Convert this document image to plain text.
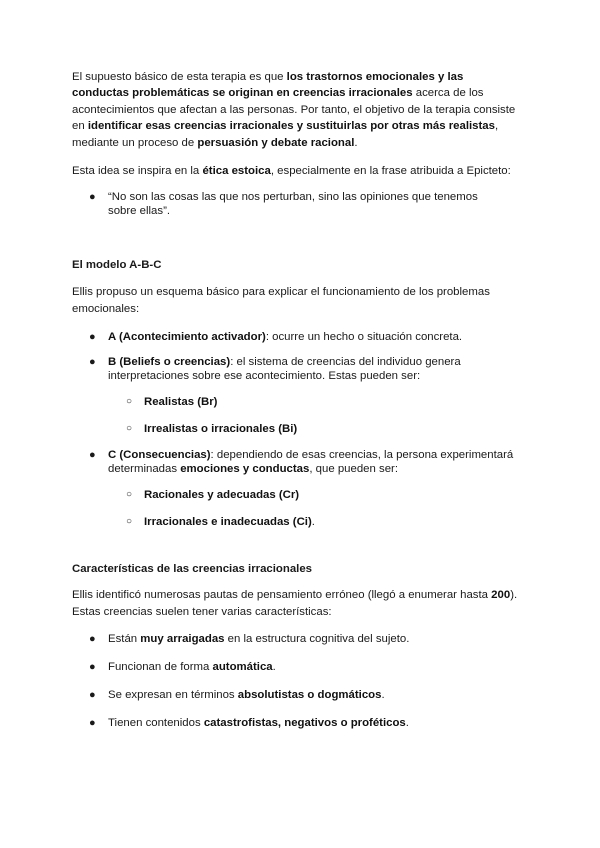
El supuesto básico de esta terapia es que los trastornos emocionales y las conductas problemáticas se originan en creencias irracionales acerca de los acontecimientos que afectan a las personas. Por tanto, el objetivo de la terapia consiste en identificar esas creencias irracionales y sustituirlas por otras más realistas, mediante un proceso de persuasión y debate racional.

Esta idea se inspira en la ética estoica, especialmente en la frase atribuida a Epicteto:

● “No son las cosas las que nos perturban, sino las opiniones que tenemos
sobre ellas”.
El modelo A-B-C

Ellis propuso un esquema básico para explicar el funcionamiento de los problemas
emocionales:

● A (Acontecimiento activador): ocurre un hecho o situación concreta.
● B (Beliefs o creencias): el sistema de creencias del individuo genera
interpretaciones sobre ese acontecimiento. Estas pueden ser:
○ Realistas (Br)
○ Irrealistas o irracionales (Bi)
● C (Consecuencias): dependiendo de esas creencias, la persona experimentará
determinadas emociones y conductas, que pueden ser:
○ Racionales y adecuadas (Cr)
○ Irracionales e inadecuadas (Ci).
Características de las creencias irracionales

Ellis identificó numerosas pautas de pensamiento erróneo (llegó a enumerar hasta 200).
Estas creencias suelen tener varias características:

● Están muy arraigadas en la estructura cognitiva del sujeto.
● Funcionan de forma automática.
● Se expresan en términos absolutistas o dogmáticos.
● Tienen contenidos catastrofistas, negativos o proféticos.
